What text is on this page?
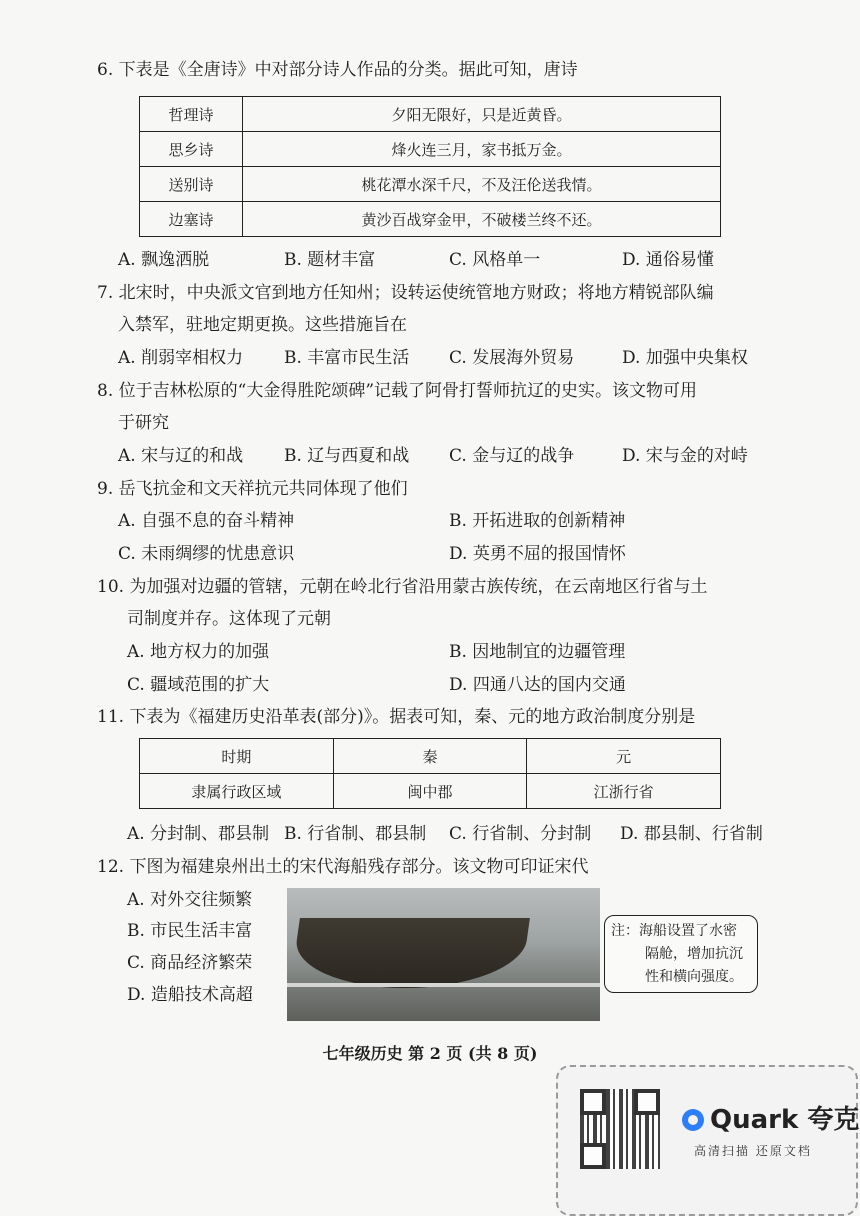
6. 下表是《全唐诗》中对部分诗人作品的分类。据此可知，唐诗
哲理诗	夕阳无限好，只是近黄昏。
思乡诗	烽火连三月，家书抵万金。
送别诗	桃花潭水深千尺，不及汪伦送我情。
边塞诗	黄沙百战穿金甲，不破楼兰终不还。
A. 飘逸洒脱	B. 题材丰富	C. 风格单一	D. 通俗易懂
7. 北宋时，中央派文官到地方任知州；设转运使统管地方财政；将地方精锐部队编
入禁军，驻地定期更换。这些措施旨在
A. 削弱宰相权力 B. 丰富市民生活 C. 发展海外贸易	D. 加强中央集权
8. 位于吉林松原的“大金得胜陀颂碑”记载了阿骨打誓师抗辽的史实。该文物可用
于研究
A. 宋与辽的和战 B. 辽与西夏和战 C. 金与辽的战争	D. 宋与金的对峙
9. 岳飞抗金和文天祥抗元共同体现了他们
A. 自强不息的奋斗精神	B. 开拓进取的创新精神
C. 未雨绸缪的忧患意识	D. 英勇不屈的报国情怀
10. 为加强对边疆的管辖，元朝在岭北行省沿用蒙古族传统，在云南地区行省与土
司制度并存。这体现了元朝
A. 地方权力的加强	B. 因地制宜的边疆管理
C. 疆域范围的扩大	D. 四通八达的国内交通
11. 下表为《福建历史沿革表(部分)》。据表可知，秦、元的地方政治制度分别是
时期	秦	元
隶属行政区域	闽中郡	江浙行省
A. 分封制、郡县制 B. 行省制、郡县制 C. 行省制、分封制 D. 郡县制、行省制
12. 下图为福建泉州出土的宋代海船残存部分。该文物可印证宋代
A. 对外交往频繁
B. 市民生活丰富
C. 商品经济繁荣
D. 造船技术高超
注：海船设置了水密
隔舱，增加抗沉
性和横向强度。
七年级历史 第 2 页 (共 8 页)
Quark 夸克
高清扫描 还原文档
